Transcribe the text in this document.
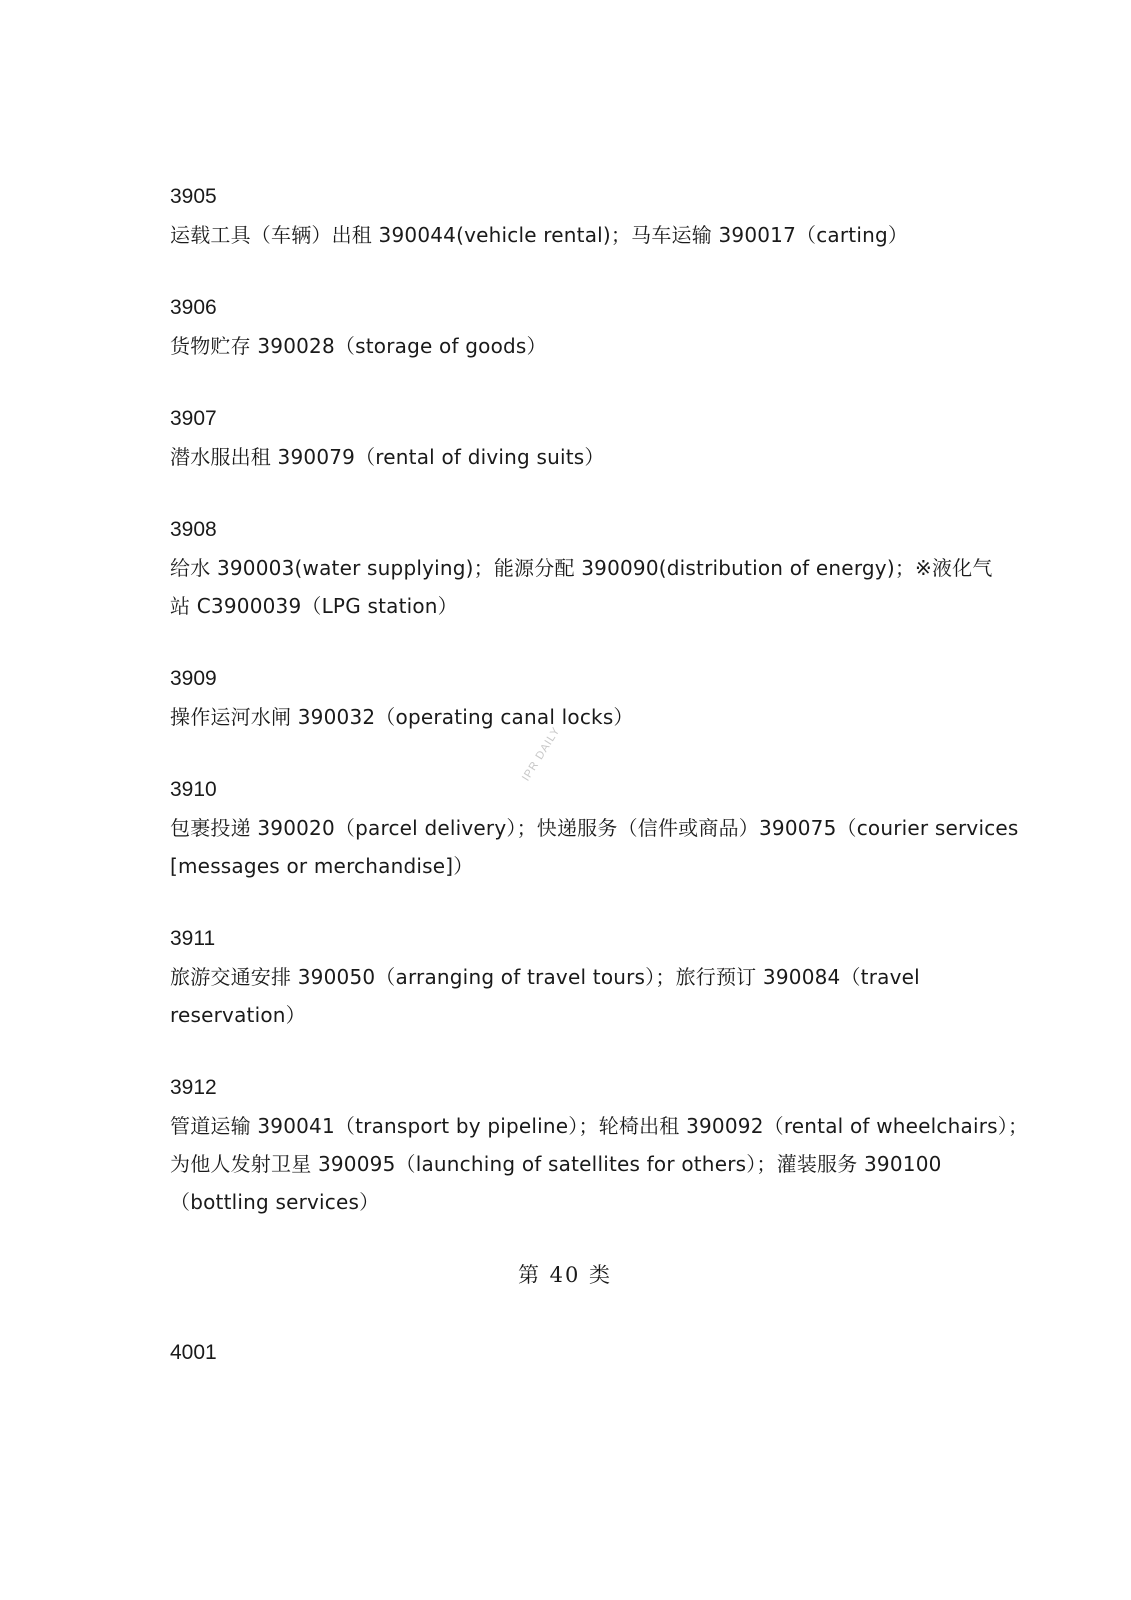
3905
运载工具（车辆）出租 390044(vehicle rental)；马车运输 390017（carting）
3906
货物贮存 390028（storage of goods）
3907
潜水服出租 390079（rental of diving suits）
3908
给水 390003(water supplying)；能源分配 390090(distribution of energy)；※液化气
站 C3900039（LPG station）
3909
操作运河水闸 390032（operating canal locks）
3910
包裹投递 390020（parcel delivery）；快递服务（信件或商品）390075（courier services
[messages or merchandise]）
3911
旅游交通安排 390050（arranging of travel tours）；旅行预订 390084（travel
reservation）
3912
管道运输 390041（transport by pipeline）；轮椅出租 390092（rental of wheelchairs）；
为他人发射卫星 390095（launching of satellites for others）；灌装服务 390100
（bottling services）
第 40 类
4001
IPR DAILY
